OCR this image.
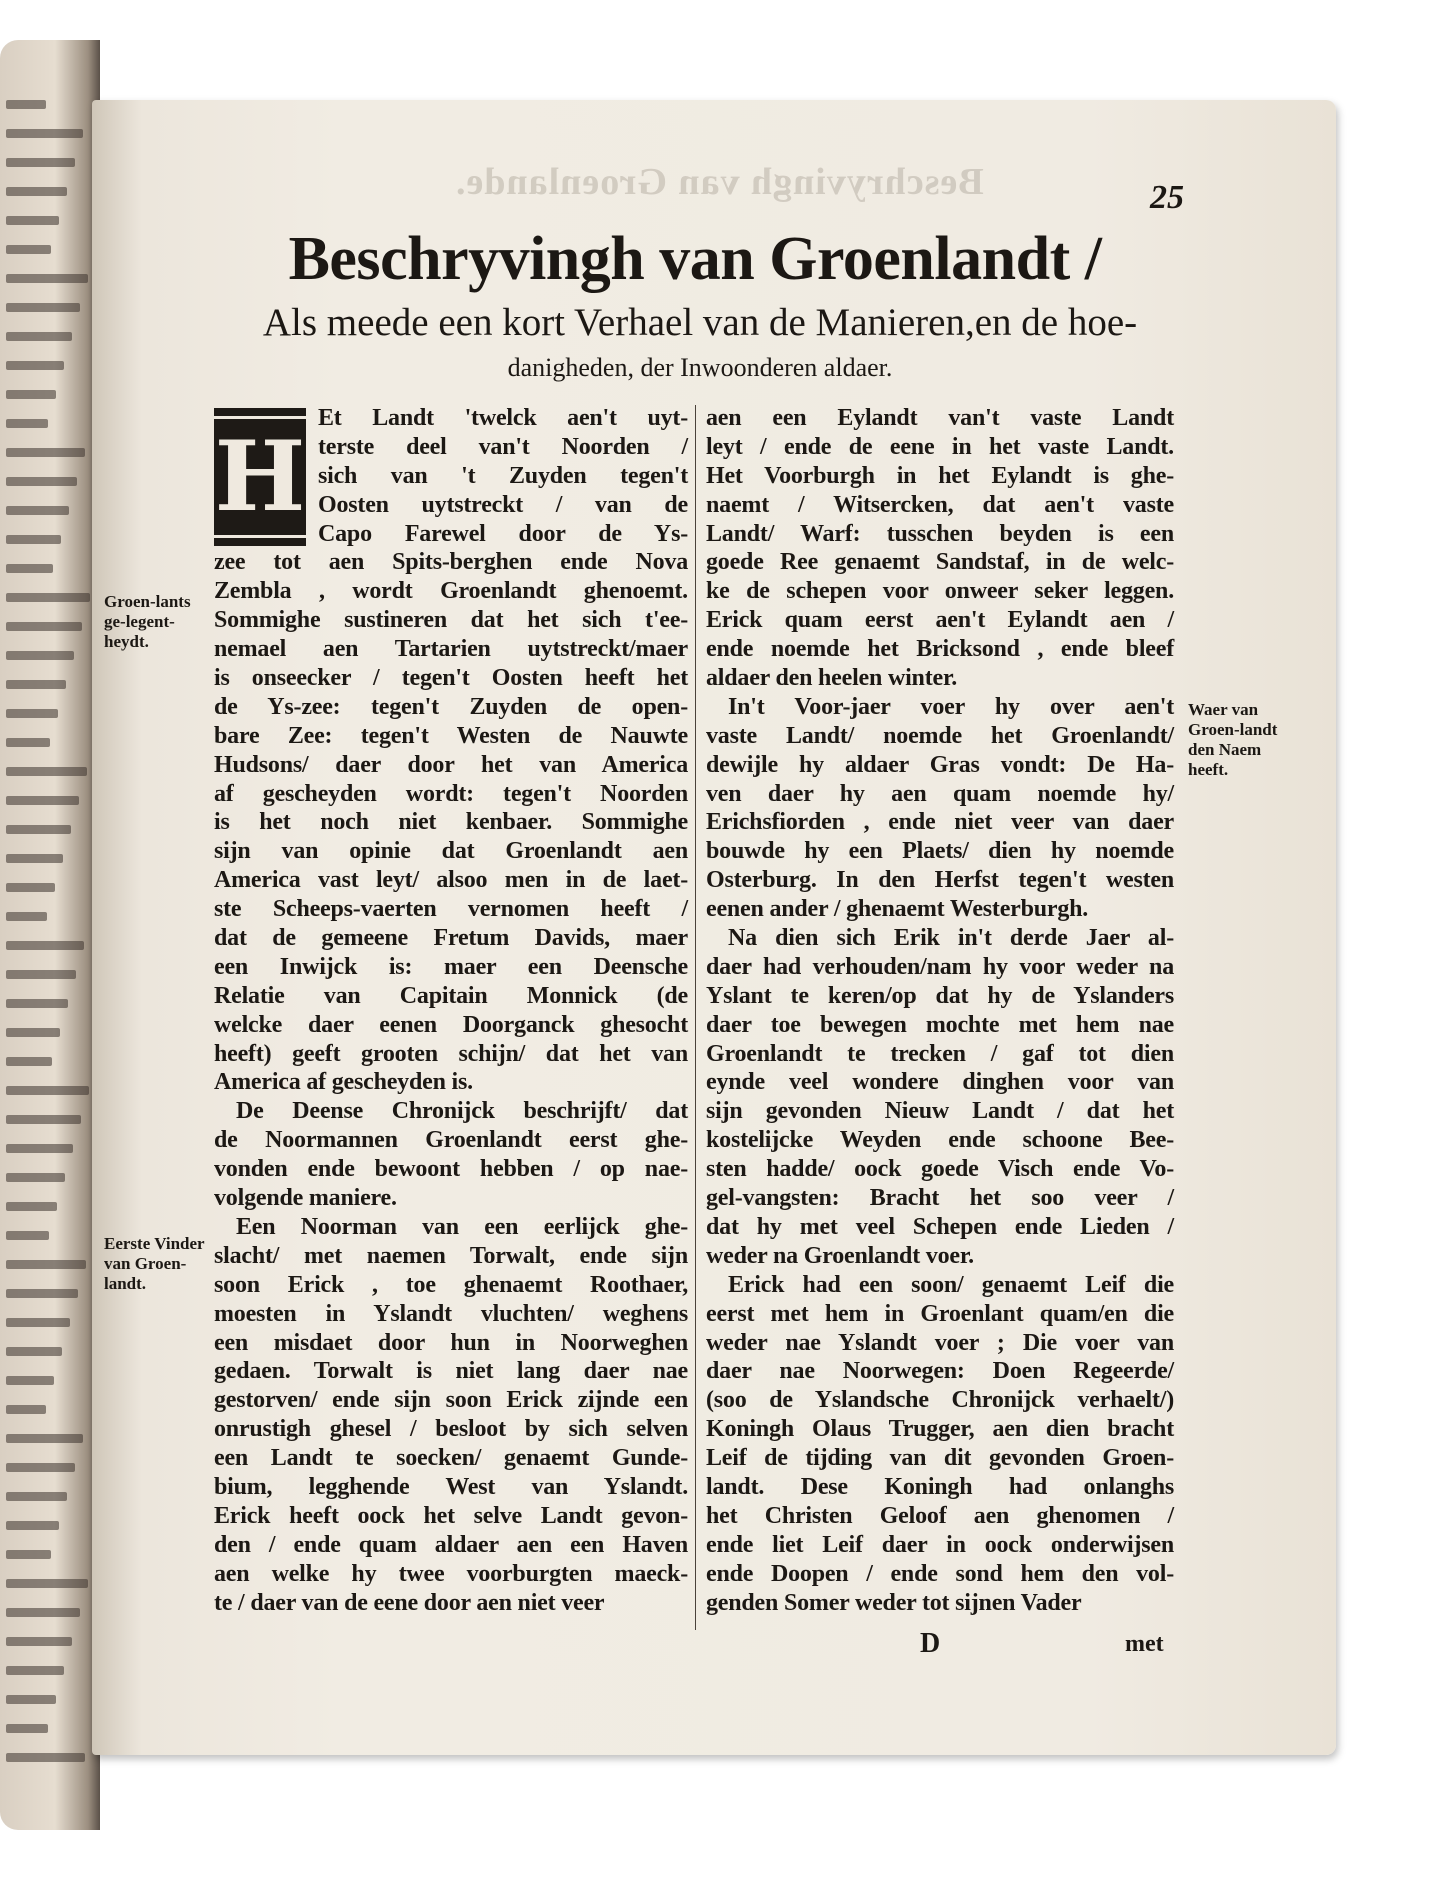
Beschryvingh van Groenlande.	25
Beschryvingh van Groenlandt /
Als meede een kort Verhael van de Manieren,en de hoe-
danigheden, der Inwoonderen aldaer.
H
Et Landt 'twelck aen't uyt-
terste deel van't Noorden /
sich van 't Zuyden tegen't
Oosten uytstreckt / van de
Capo Farewel door de Ys-
zee tot aen Spits-berghen ende Nova
Zembla , wordt Groenlandt ghenoemt.
Sommighe sustineren dat het sich t'ee-
nemael aen Tartarien uytstreckt/maer
is onseecker / tegen't Oosten heeft het
de Ys-zee: tegen't Zuyden de open-
bare Zee: tegen't Westen de Nauwte
Hudsons/ daer door het van America
af gescheyden wordt: tegen't Noorden
is het noch niet kenbaer. Sommighe
sijn van opinie dat Groenlandt aen
America vast leyt/ alsoo men in de laet-
ste Scheeps-vaerten vernomen heeft /
dat de gemeene Fretum Davids, maer
een Inwijck is: maer een Deensche
Relatie van Capitain Monnick (de
welcke daer eenen Doorganck ghesocht
heeft) geeft grooten schijn/ dat het van
America af gescheyden is.
De Deense Chronijck beschrijft/ dat
de Noormannen Groenlandt eerst ghe-
vonden ende bewoont hebben / op nae-
volgende maniere.
Een Noorman van een eerlijck ghe-
slacht/ met naemen Torwalt, ende sijn
soon Erick , toe ghenaemt Roothaer,
moesten in Yslandt vluchten/ weghens
een misdaet door hun in Noorweghen
gedaen. Torwalt is niet lang daer nae
gestorven/ ende sijn soon Erick zijnde een
onrustigh ghesel / besloot by sich selven
een Landt te soecken/ genaemt Gunde-
bium, legghende West van Yslandt.
Erick heeft oock het selve Landt gevon-
den / ende quam aldaer aen een Haven
aen welke hy twee voorburgten maeck-
te / daer van de eene door aen niet veer
aen een Eylandt van't vaste Landt
leyt / ende de eene in het vaste Landt.
Het Voorburgh in het Eylandt is ghe-
naemt / Witsercken, dat aen't vaste
Landt/ Warf: tusschen beyden is een
goede Ree genaemt Sandstaf, in de welc-
ke de schepen voor onweer seker leggen.
Erick quam eerst aen't Eylandt aen /
ende noemde het Bricksond , ende bleef
aldaer den heelen winter.
In't Voor-jaer voer hy over aen't
vaste Landt/ noemde het Groenlandt/
dewijle hy aldaer Gras vondt: De Ha-
ven daer hy aen quam noemde hy/
Erichsfiorden , ende niet veer van daer
bouwde hy een Plaets/ dien hy noemde
Osterburg. In den Herfst tegen't westen
eenen ander / ghenaemt Westerburgh.
Na dien sich Erik in't derde Jaer al-
daer had verhouden/nam hy voor weder na
Yslant te keren/op dat hy de Yslanders
daer toe bewegen mochte met hem nae
Groenlandt te trecken / gaf tot dien
eynde veel wondere dinghen voor van
sijn gevonden Nieuw Landt / dat het
kostelijcke Weyden ende schoone Bee-
sten hadde/ oock goede Visch ende Vo-
gel-vangsten: Bracht het soo veer /
dat hy met veel Schepen ende Lieden /
weder na Groenlandt voer.
Erick had een soon/ genaemt Leif die
eerst met hem in Groenlant quam/en die
weder nae Yslandt voer ; Die voer van
daer nae Noorwegen: Doen Regeerde/
(soo de Yslandsche Chronijck verhaelt/)
Koningh Olaus Trugger, aen dien bracht
Leif de tijding van dit gevonden Groen-
landt. Dese Koningh had onlanghs
het Christen Geloof aen ghenomen /
ende liet Leif daer in oock onderwijsen
ende Doopen / ende sond hem den vol-
genden Somer weder tot sijnen Vader
Groen-lants ge-legent-heydt.
Eerste Vinder van Groen-landt.
Waer van Groen-landt den Naem heeft.
D	met
